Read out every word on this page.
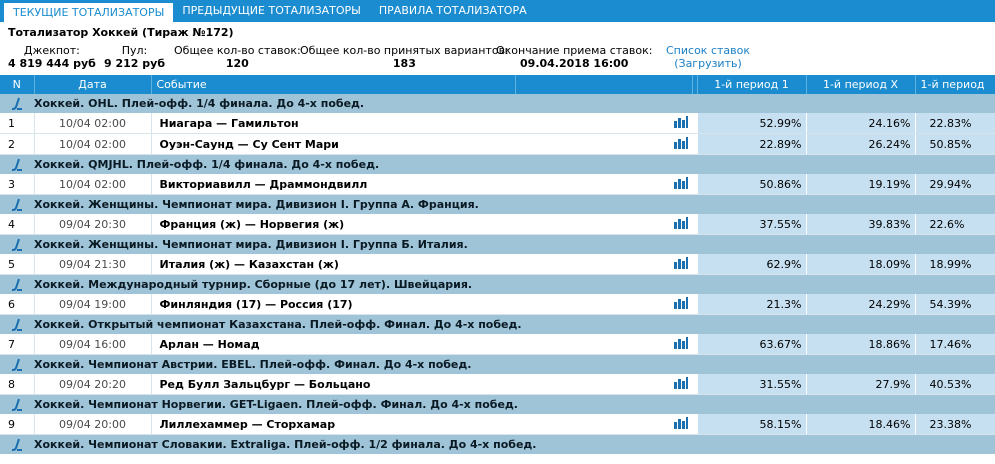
ТЕКУЩИЕ ТОТАЛИЗАТОРЫ	ПРЕДЫДУЩИЕ ТОТАЛИЗАТОРЫ	ПРАВИЛА ТОТАЛИЗАТОРА
Тотализатор Хоккей (Тираж №172)
Джекпот:
4 819 444 руб
Пул:
9 212 руб
Общее кол-во ставок:
120
Общее кол-во принятых вариантов:
183
Окончание приема ставок:
09.04.2018 16:00
Список ставок
(Загрузить)
N	Дата	Событие			1-й период 1	1-й период X	1-й период

	Хоккей. OHL. Плей-офф. 1/4 финала. До 4-х побед.						
1	10/04 02:00	Ниагара — Гамильтон			52.99%	24.16%	22.83%
2	10/04 02:00	Оуэн-Саунд — Су Сент Мари			22.89%	26.24%	50.85%

	Хоккей. QMJHL. Плей-офф. 1/4 финала. До 4-х побед.						
3	10/04 02:00	Викториавилл — Драммондвилл			50.86%	19.19%	29.94%

	Хоккей. Женщины. Чемпионат мира. Дивизион I. Группа А. Франция.						
4	09/04 20:30	Франция (ж) — Норвегия (ж)			37.55%	39.83%	22.6%

	Хоккей. Женщины. Чемпионат мира. Дивизион I. Группа Б. Италия.						
5	09/04 21:30	Италия (ж) — Казахстан (ж)			62.9%	18.09%	18.99%

	Хоккей. Международный турнир. Сборные (до 17 лет). Швейцария.						
6	09/04 19:00	Финляндия (17) — Россия (17)			21.3%	24.29%	54.39%

	Хоккей. Открытый чемпионат Казахстана. Плей-офф. Финал. До 4-х побед.						
7	09/04 16:00	Арлан — Номад			63.67%	18.86%	17.46%

	Хоккей. Чемпионат Австрии. EBEL. Плей-офф. Финал. До 4-х побед.						
8	09/04 20:20	Ред Булл Зальцбург — Больцано			31.55%	27.9%	40.53%

	Хоккей. Чемпионат Норвегии. GET-Ligaen. Плей-офф. Финал. До 4-х побед.						
9	09/04 20:00	Лиллехаммер — Сторхамар			58.15%	18.46%	23.38%

	Хоккей. Чемпионат Словакии. Extraliga. Плей-офф. 1/2 финала. До 4-х побед.						
